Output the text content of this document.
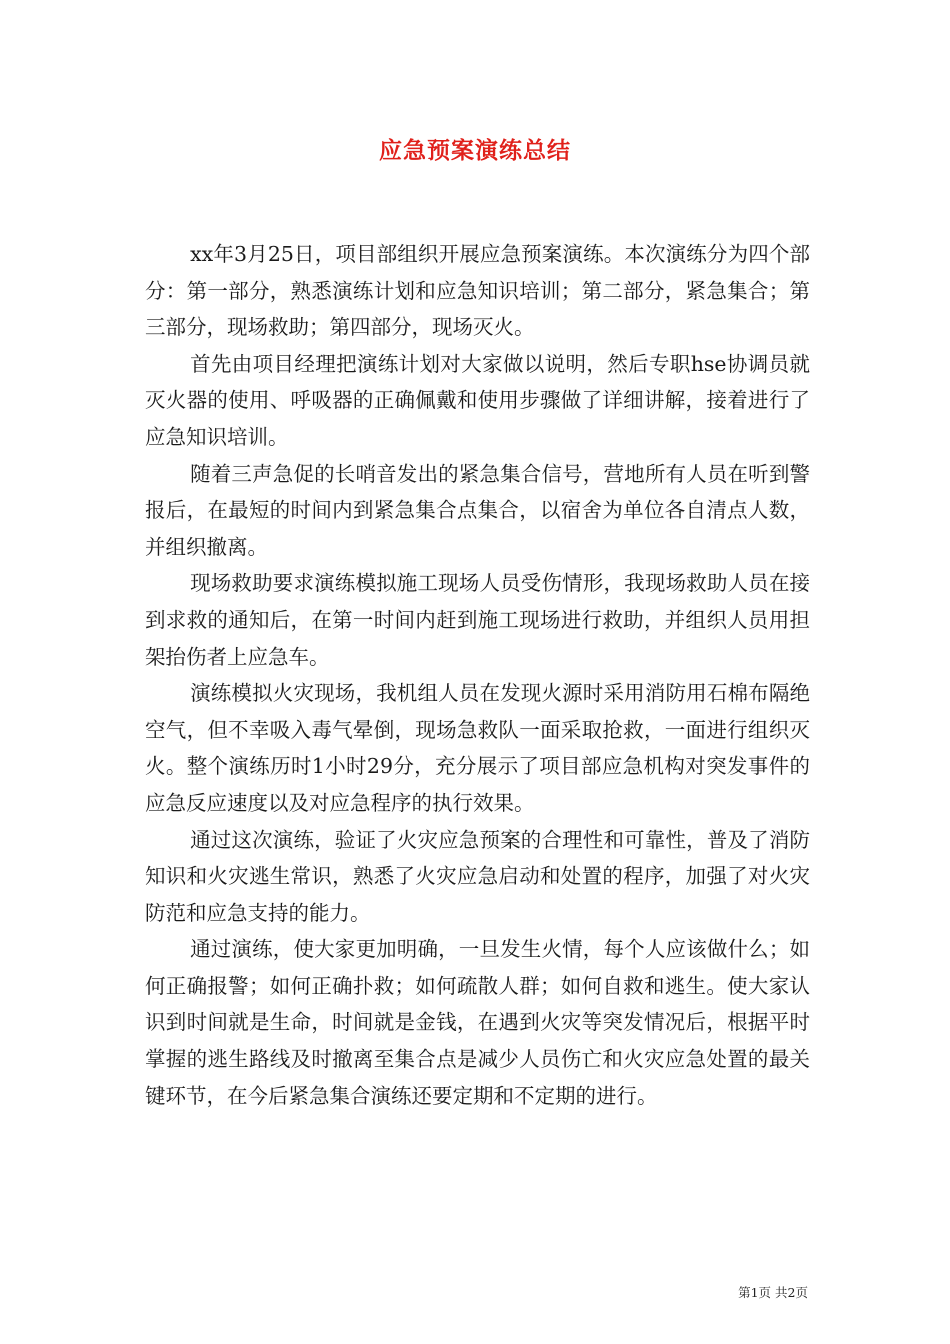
应急预案演练总结

xx年3月25日，项目部组织开展应急预案演练。本次演练分为四个部分：第一部分，熟悉演练计划和应急知识培训；第二部分，紧急集合；第三部分，现场救助；第四部分，现场灭火。

首先由项目经理把演练计划对大家做以说明，然后专职hse协调员就灭火器的使用、呼吸器的正确佩戴和使用步骤做了详细讲解，接着进行了应急知识培训。

随着三声急促的长哨音发出的紧急集合信号，营地所有人员在听到警报后，在最短的时间内到紧急集合点集合，以宿舍为单位各自清点人数，并组织撤离。

现场救助要求演练模拟施工现场人员受伤情形，我现场救助人员在接到求救的通知后，在第一时间内赶到施工现场进行救助，并组织人员用担架抬伤者上应急车。

演练模拟火灾现场，我机组人员在发现火源时采用消防用石棉布隔绝空气，但不幸吸入毒气晕倒，现场急救队一面采取抢救，一面进行组织灭火。整个演练历时1小时29分，充分展示了项目部应急机构对突发事件的应急反应速度以及对应急程序的执行效果。

通过这次演练，验证了火灾应急预案的合理性和可靠性，普及了消防知识和火灾逃生常识，熟悉了火灾应急启动和处置的程序，加强了对火灾防范和应急支持的能力。

通过演练，使大家更加明确，一旦发生火情，每个人应该做什么；如何正确报警；如何正确扑救；如何疏散人群；如何自救和逃生。使大家认识到时间就是生命，时间就是金钱，在遇到火灾等突发情况后，根据平时掌握的逃生路线及时撤离至集合点是减少人员伤亡和火灾应急处置的最关键环节，在今后紧急集合演练还要定期和不定期的进行。

第1页 共2页
